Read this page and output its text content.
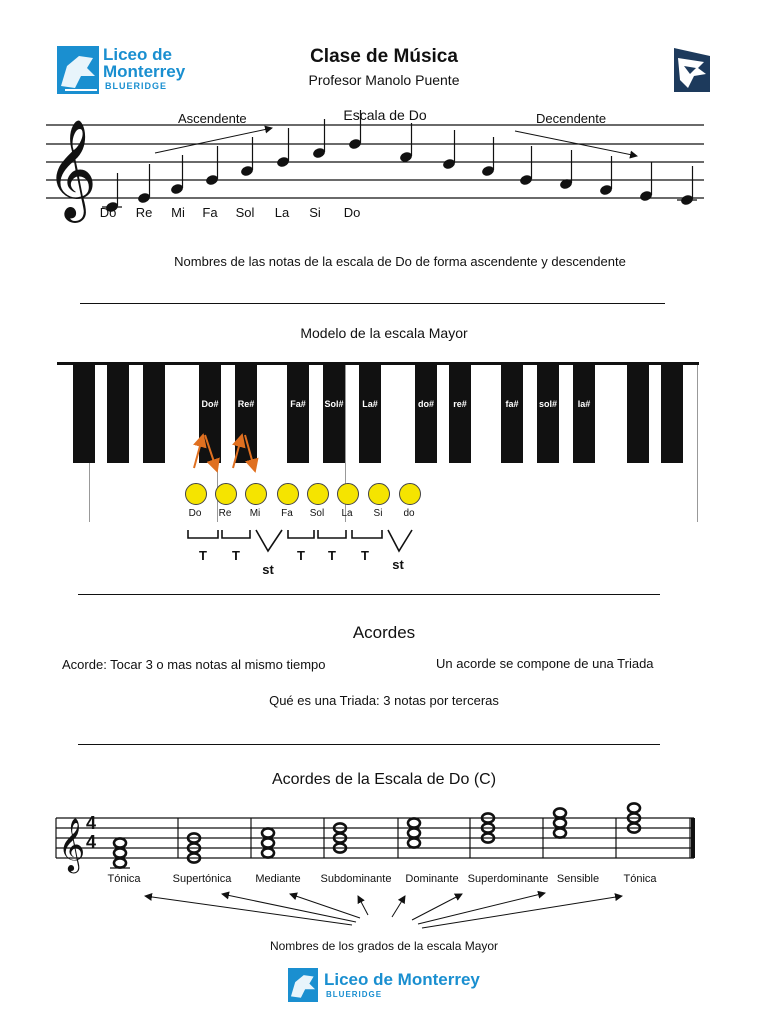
Liceo de
Monterrey
BLUERIDGE
Clase de Música
Profesor Manolo Puente
Escala de Do
Ascendente	Decendente
𝄞 Do	Re	Mi	Fa	Sol	La	Si	Do
Nombres de las notas de la escala de Do de forma ascendente y descendente
Modelo de la escala Mayor
Do#	Re#	Fa#	Sol#	La#	do#	re#	fa#	sol#	la#
Do	Re	Mi	Fa	Sol	La	Si	do
T	T
st
T	T	T
st
Acordes
Acorde: Tocar 3 o mas notas al mismo tiempo	Un acorde se compone de una Triada
Qué es una Triada: 3 notas por terceras
Acordes de la Escala de Do (C)
𝄞 4
4
Tónica	Supertónica	Mediante	Subdominante	Dominante Superdominante Sensible	Tónica
Nombres de los grados de la escala Mayor
Liceo de Monterrey
BLUERIDGE
